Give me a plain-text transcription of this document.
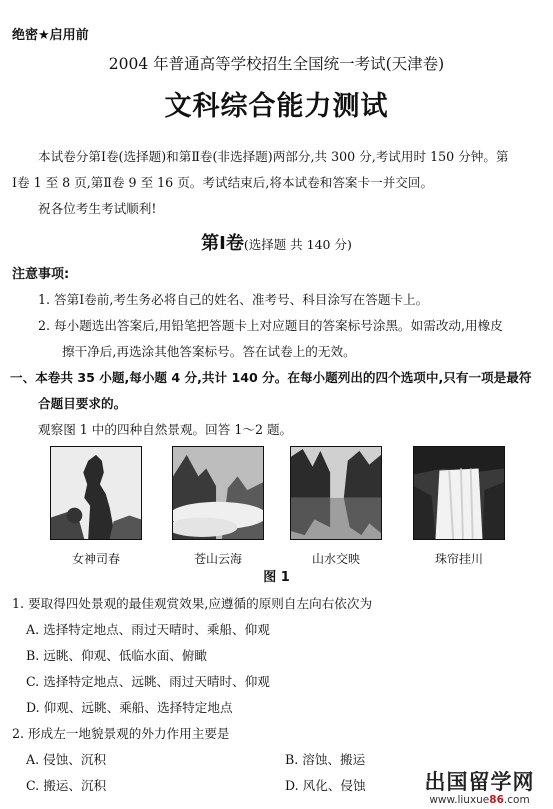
绝密★启用前
2004 年普通高等学校招生全国统一考试(天津卷)
文科综合能力测试
本试卷分第Ⅰ卷(选择题)和第Ⅱ卷(非选择题)两部分,共 300 分,考试用时 150 分钟。第
Ⅰ卷 1 至 8 页,第Ⅱ卷 9 至 16 页。考试结束后,将本试卷和答案卡一并交回。
祝各位考生考试顺利!
第Ⅰ卷(选择题 共 140 分)
注意事项:
1. 答第Ⅰ卷前,考生务必将自己的姓名、准考号、科目涂写在答题卡上。
2. 每小题选出答案后,用铅笔把答题卡上对应题目的答案标号涂黑。如需改动,用橡皮
擦干净后,再选涂其他答案标号。答在试卷上的无效。
一、本卷共 35 小题,每小题 4 分,共计 140 分。在每小题列出的四个选项中,只有一项是最符
合题目要求的。
观察图 1 中的四种自然景观。回答 1～2 题。
女神司春	苍山云海	山水交映	珠帘挂川
图 1
1. 要取得四处景观的最佳观赏效果,应遵循的原则自左向右依次为
A. 选择特定地点、雨过天晴时、乘船、仰观
B. 远眺、仰观、低临水面、俯瞰
C. 选择特定地点、远眺、雨过天晴时、仰观
D. 仰观、远眺、乘船、选择特定地点
2. 形成左一地貌景观的外力作用主要是
A. 侵蚀、沉积	B. 溶蚀、搬运
C. 搬运、沉积	D. 风化、侵蚀	出国留学网
www.liuxue86.com
